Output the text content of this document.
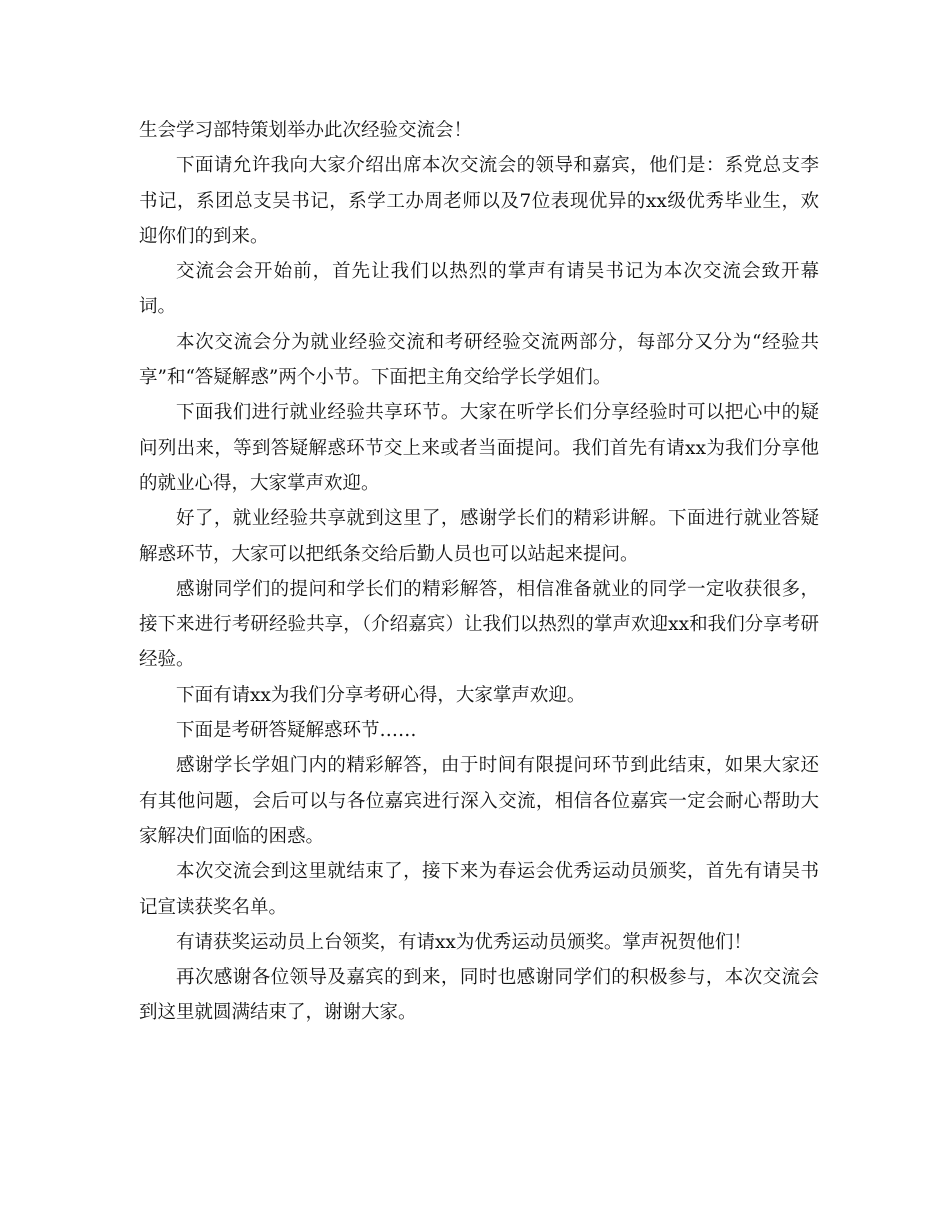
生会学习部特策划举办此次经验交流会！

下面请允许我向大家介绍出席本次交流会的领导和嘉宾，他们是：系党总支李书记，系团总支吴书记，系学工办周老师以及7位表现优异的xx级优秀毕业生，欢迎你们的到来。

交流会会开始前，首先让我们以热烈的掌声有请吴书记为本次交流会致开幕词。

本次交流会分为就业经验交流和考研经验交流两部分，每部分又分为“经验共享”和“答疑解惑”两个小节。下面把主角交给学长学姐们。

下面我们进行就业经验共享环节。大家在听学长们分享经验时可以把心中的疑问列出来，等到答疑解惑环节交上来或者当面提问。我们首先有请xx为我们分享他的就业心得，大家掌声欢迎。

好了，就业经验共享就到这里了，感谢学长们的精彩讲解。下面进行就业答疑解惑环节，大家可以把纸条交给后勤人员也可以站起来提问。

感谢同学们的提问和学长们的精彩解答，相信准备就业的同学一定收获很多，接下来进行考研经验共享，（介绍嘉宾）让我们以热烈的掌声欢迎xx和我们分享考研经验。

下面有请xx为我们分享考研心得，大家掌声欢迎。

下面是考研答疑解惑环节……

感谢学长学姐门内的精彩解答，由于时间有限提问环节到此结束，如果大家还有其他问题，会后可以与各位嘉宾进行深入交流，相信各位嘉宾一定会耐心帮助大家解决们面临的困惑。

本次交流会到这里就结束了，接下来为春运会优秀运动员颁奖，首先有请吴书记宣读获奖名单。

有请获奖运动员上台领奖，有请xx为优秀运动员颁奖。掌声祝贺他们！

再次感谢各位领导及嘉宾的到来，同时也感谢同学们的积极参与，本次交流会到这里就圆满结束了，谢谢大家。
